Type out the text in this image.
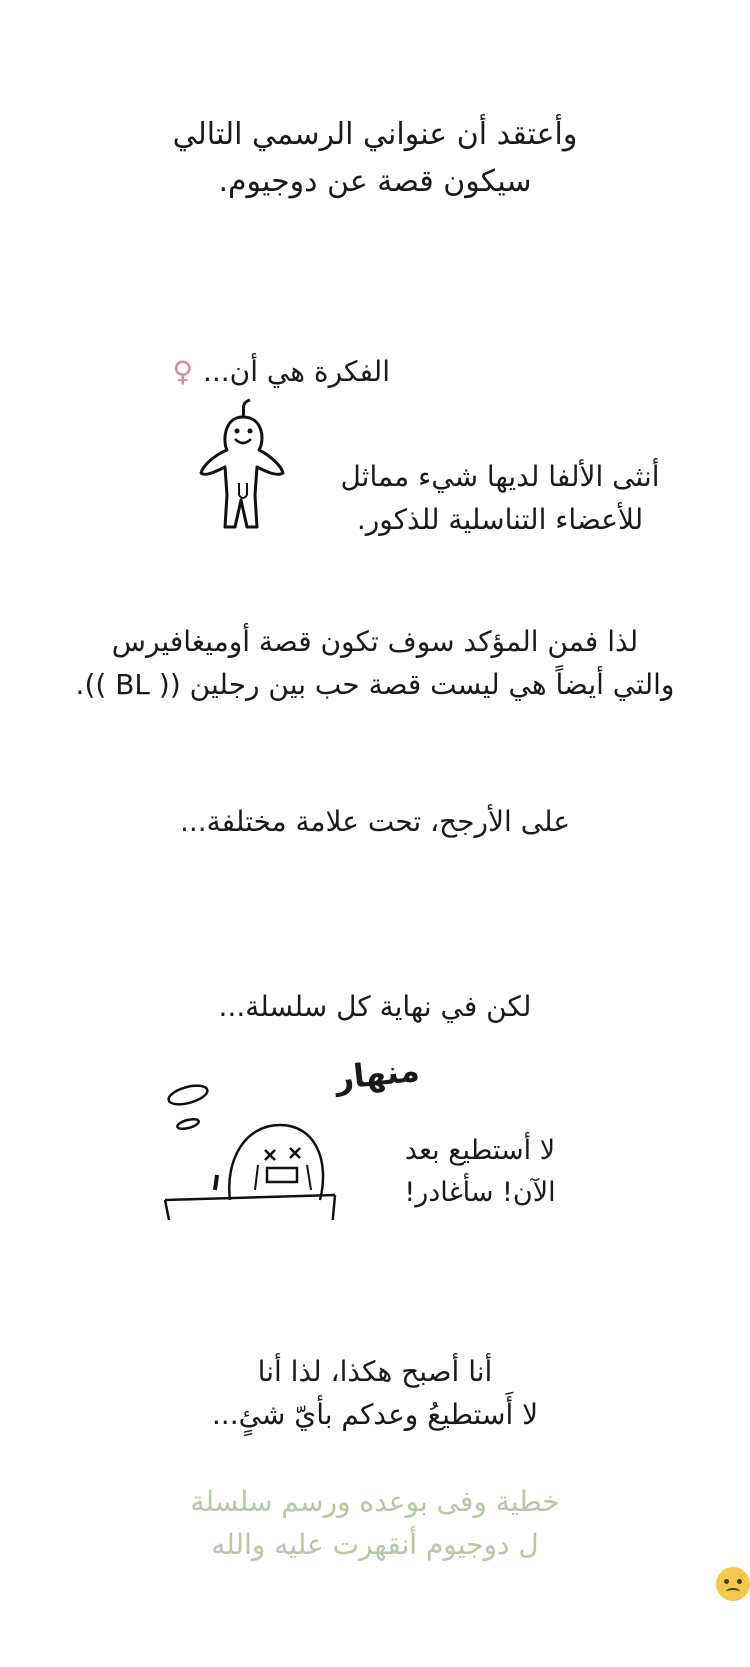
وأعتقد أن عنواني الرسمي التالي
سيكون قصة عن دوجيوم.
♀ الفكرة هي أن...
أنثى الألفا لديها شيء مماثل
للأعضاء التناسلية للذكور.
لذا فمن المؤكد سوف تكون قصة أوميغافيرس
والتي أيضاً هي ليست قصة حب بين رجلين (( BL )).
على الأرجح، تحت علامة مختلفة...
لكن في نهاية كل سلسلة...
منهار
لا أستطيع بعد
الآن! سأغادر!
أنا أصبح هكذا، لذا أنا
لا أَستطيعُ وعدكم بأيّ شئٍ...
خطية وفى بوعده ورسم سلسلة
ل دوجيوم أنقهرت عليه والله
